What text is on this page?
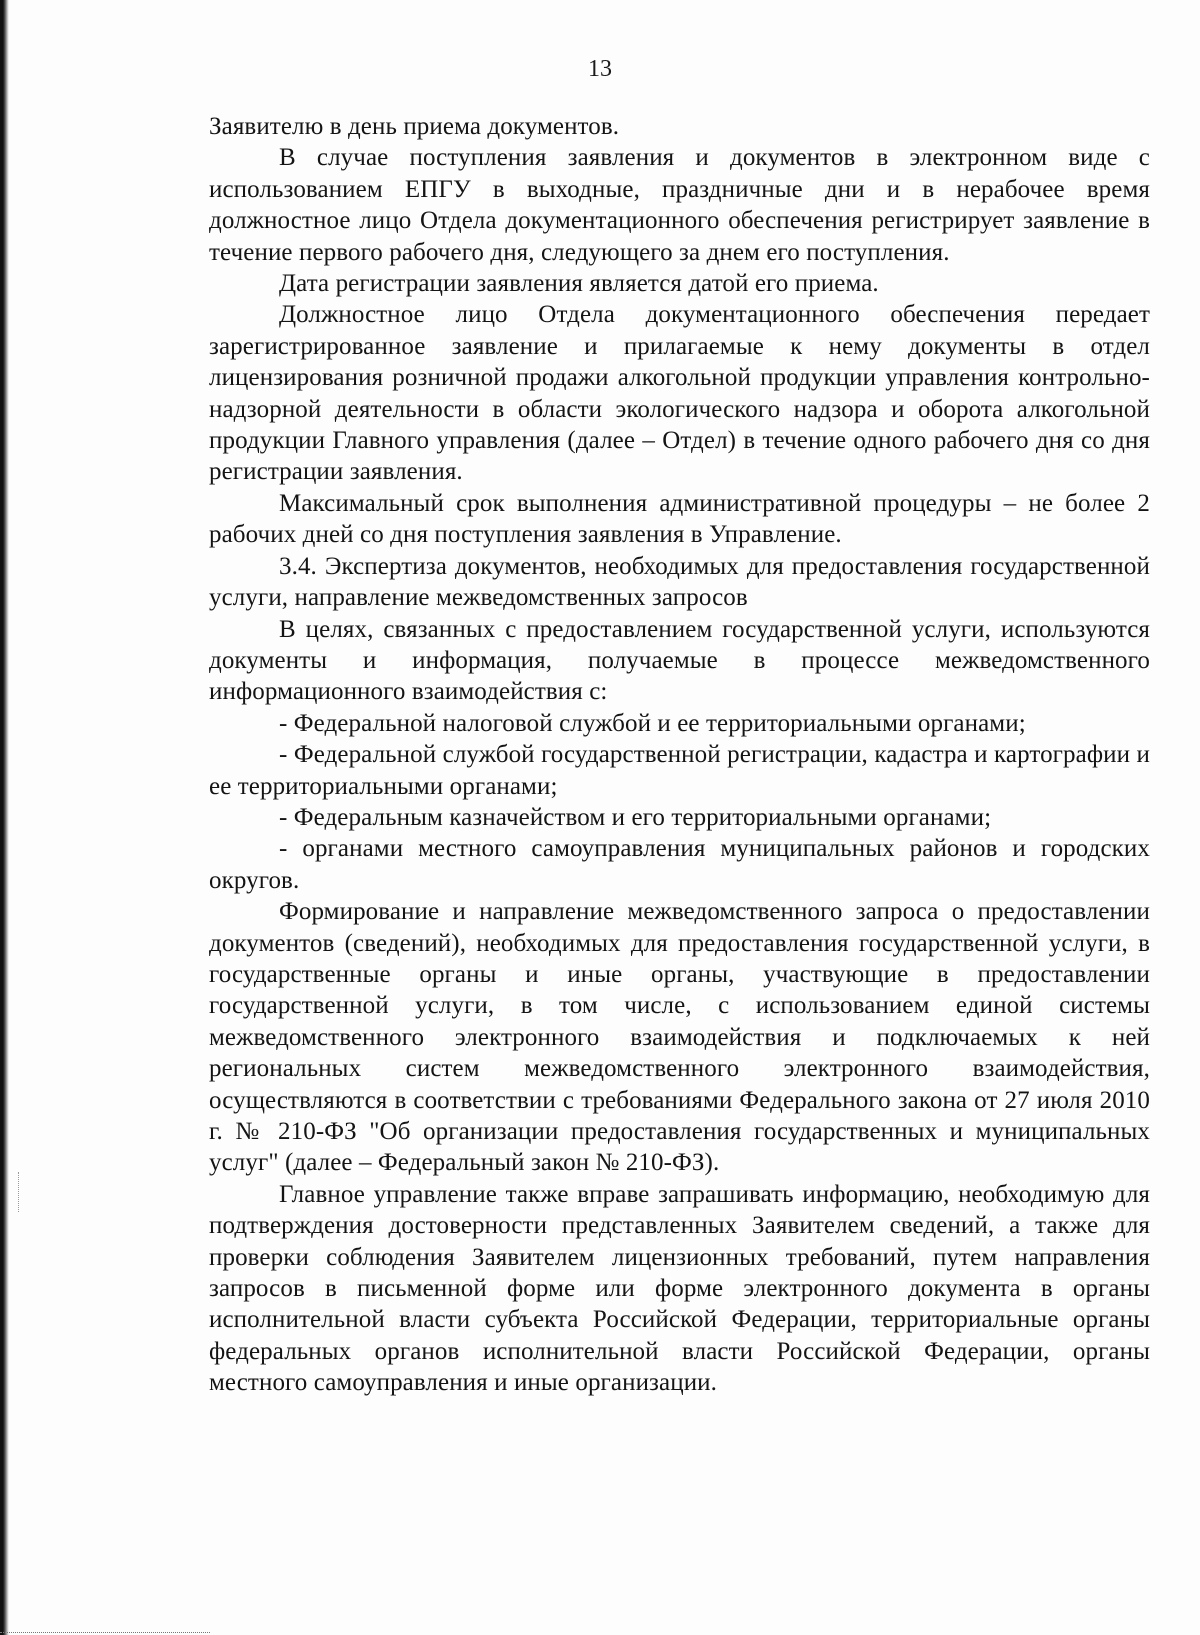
13

Заявителю в день приема документов.

В случае поступления заявления и документов в электронном виде с использованием ЕПГУ в выходные, праздничные дни и в нерабочее время должностное лицо Отдела документационного обеспечения регистрирует заявление в течение первого рабочего дня, следующего за днем его поступления.

Дата регистрации заявления является датой его приема.

Должностное лицо Отдела документационного обеспечения передает зарегистрированное заявление и прилагаемые к нему документы в отдел лицензирования розничной продажи алкогольной продукции управления контрольно-надзорной деятельности в области экологического надзора и оборота алкогольной продукции Главного управления (далее – Отдел) в течение одного рабочего дня со дня регистрации заявления.

Максимальный срок выполнения административной процедуры – не более 2 рабочих дней со дня поступления заявления в Управление.

3.4. Экспертиза документов, необходимых для предоставления государственной услуги, направление межведомственных запросов

В целях, связанных с предоставлением государственной услуги, используются документы и информация, получаемые в процессе межведомственного информационного взаимодействия с:

- Федеральной налоговой службой и ее территориальными органами;

- Федеральной службой государственной регистрации, кадастра и картографии и ее территориальными органами;

- Федеральным казначейством и его территориальными органами;

- органами местного самоуправления муниципальных районов и городских округов.

Формирование и направление межведомственного запроса о предоставлении документов (сведений), необходимых для предоставления государственной услуги, в государственные органы и иные органы, участвующие в предоставлении государственной услуги, в том числе, с использованием единой системы межведомственного электронного взаимодействия и подключаемых к ней региональных систем межведомственного электронного взаимодействия, осуществляются в соответствии с требованиями Федерального закона от 27 июля 2010 г. № 210-ФЗ "Об организации предоставления государственных и муниципальных услуг" (далее – Федеральный закон № 210-ФЗ).

Главное управление также вправе запрашивать информацию, необходимую для подтверждения достоверности представленных Заявителем сведений, а также для проверки соблюдения Заявителем лицензионных требований, путем направления запросов в письменной форме или форме электронного документа в органы исполнительной власти субъекта Российской Федерации, территориальные органы федеральных органов исполнительной власти Российской Федерации, органы местного самоуправления и иные организации.
